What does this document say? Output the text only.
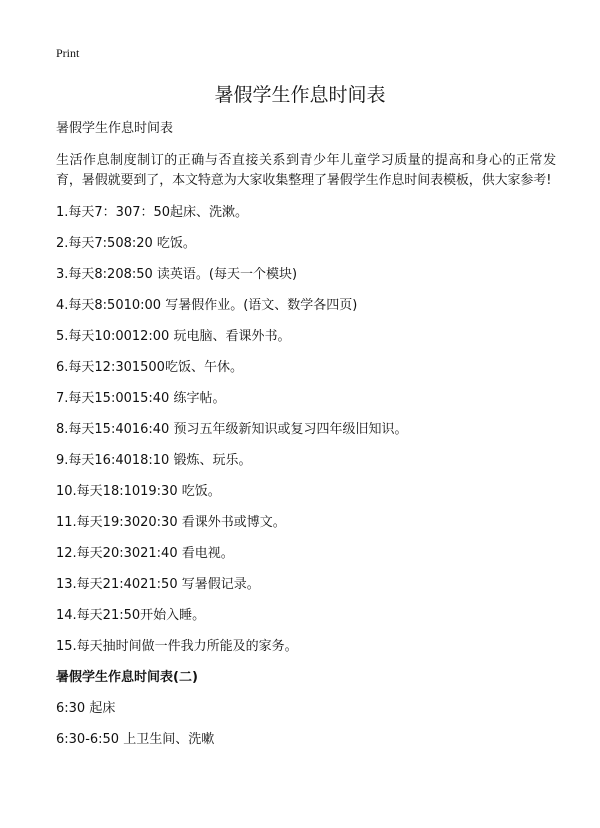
Print
暑假学生作息时间表

暑假学生作息时间表

生活作息制度制订的正确与否直接关系到青少年儿童学习质量的提高和身心的正常发育，暑假就要到了，本文特意为大家收集整理了暑假学生作息时间表模板，供大家参考!

1.每天7：307：50起床、洗漱。
2.每天7:508:20 吃饭。
3.每天8:208:50 读英语。(每天一个模块)
4.每天8:5010:00 写暑假作业。(语文、数学各四页)
5.每天10:0012:00 玩电脑、看课外书。
6.每天12:301500吃饭、午休。
7.每天15:0015:40 练字帖。
8.每天15:4016:40 预习五年级新知识或复习四年级旧知识。
9.每天16:4018:10 锻炼、玩乐。
10.每天18:1019:30 吃饭。
11.每天19:3020:30 看课外书或博文。
12.每天20:3021:40 看电视。
13.每天21:4021:50 写暑假记录。
14.每天21:50开始入睡。
15.每天抽时间做一件我力所能及的家务。

暑假学生作息时间表(二)

6:30 起床
6:30-6:50 上卫生间、洗嗽
